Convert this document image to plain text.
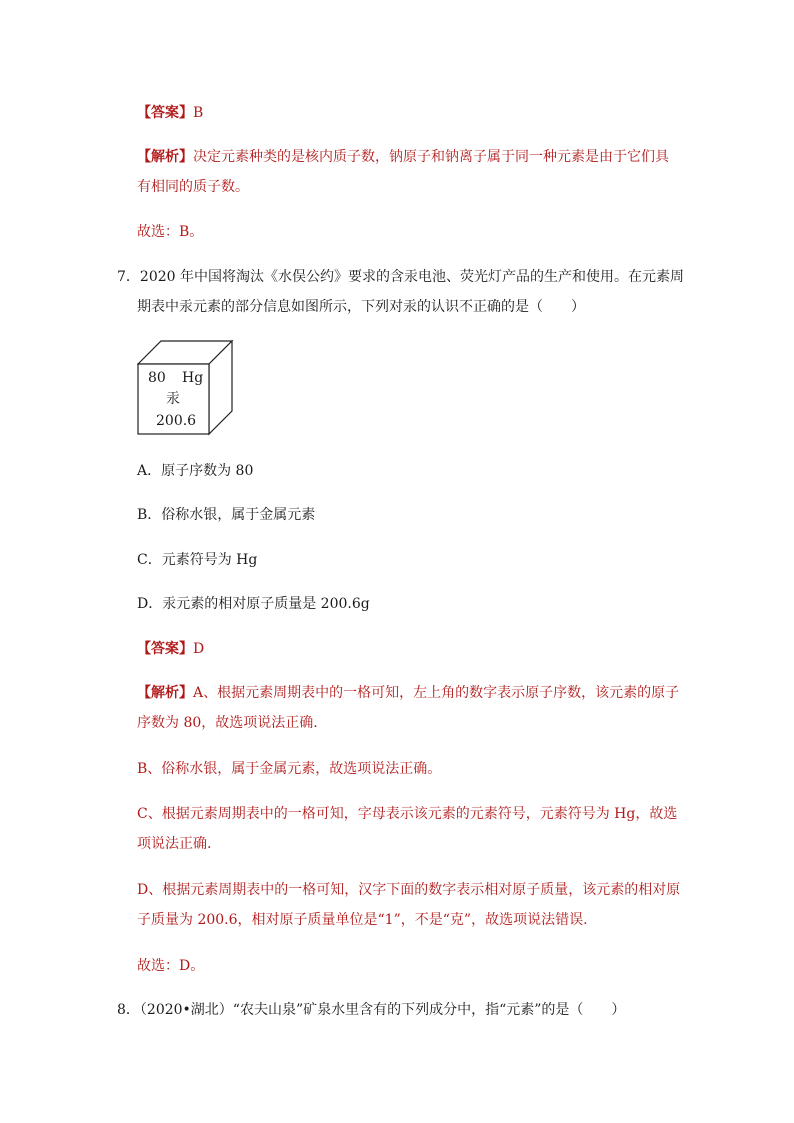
【答案】B
【解析】决定元素种类的是核内质子数，钠原子和钠离子属于同一种元素是由于它们具
有相同的质子数。
故选：B。
7．2020 年中国将淘汰《水俣公约》要求的含汞电池、荧光灯产品的生产和使用。在元素周
期表中汞元素的部分信息如图所示，下列对汞的认识不正确的是（　　）
80 Hg
汞
200.6
A．原子序数为 80
B．俗称水银，属于金属元素
C．元素符号为 Hg
D．汞元素的相对原子质量是 200.6g
【答案】D
【解析】A、根据元素周期表中的一格可知，左上角的数字表示原子序数，该元素的原子
序数为 80，故选项说法正确.
B、俗称水银，属于金属元素，故选项说法正确。
C、根据元素周期表中的一格可知，字母表示该元素的元素符号，元素符号为 Hg，故选
项说法正确.
D、根据元素周期表中的一格可知，汉字下面的数字表示相对原子质量，该元素的相对原
子质量为 200.6，相对原子质量单位是“1”，不是“克”，故选项说法错误.
故选：D。
8．（2020•湖北）“农夫山泉”矿泉水里含有的下列成分中，指“元素”的是（　　）
